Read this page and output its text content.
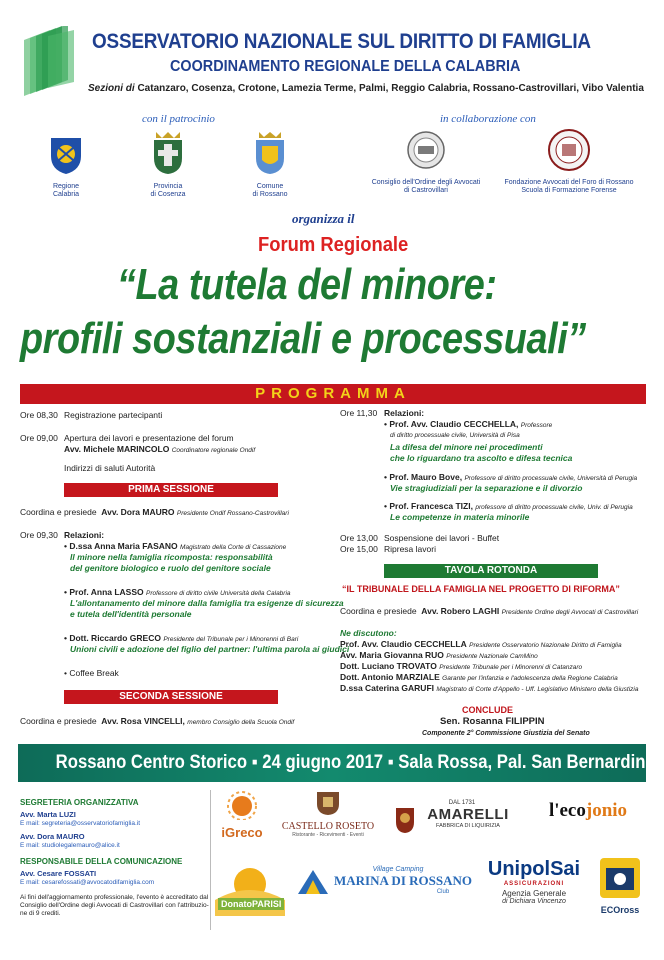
OSSERVATORIO NAZIONALE SUL DIRITTO DI FAMIGLIA
COORDINAMENTO REGIONALE DELLA CALABRIA
Sezioni di Catanzaro, Cosenza, Crotone, Lamezia Terme, Palmi, Reggio Calabria, Rossano-Castrovillari, Vibo Valentia
con il patrocinio	in collaborazione con
Regione
Calabria
Provincia
di Cosenza
Comune
di Rossano
Consiglio dell'Ordine degli Avvocati
di Castrovillari
Fondazione Avvocati del Foro di Rossano
Scuola di Formazione Forense
organizza il
Forum Regionale
“La tutela del minore:
profili sostanziali e processuali”
PROGRAMMA
Ore 08,30 Registrazione partecipanti
Ore 09,00 Apertura dei lavori e presentazione del forum
Avv. Michele MARINCOLO Coordinatore regionale Ondif
Indirizzi di saluti Autorità
PRIMA SESSIONE
Coordina e presiede Avv. Dora MAURO Presidente Ondif Rossano-Castrovillari
Ore 09,30 Relazioni:
• D.ssa Anna Maria FASANO Magistrato della Corte di Cassazione
Il minore nella famiglia ricomposta: responsabilità
del genitore biologico e ruolo del genitore sociale
• Prof. Anna LASSO Professore di diritto civile Università della Calabria
L'allontanamento del minore dalla famiglia tra esigenze di sicurezza
e tutela dell'identità personale
• Dott. Riccardo GRECO Presidente del Tribunale per i Minorenni di Bari
Unioni civili e adozione del figlio del partner: l'ultima parola ai giudici
• Coffee Break
SECONDA SESSIONE
Coordina e presiede Avv. Rosa VINCELLI, membro Consiglio della Scuola Ondif
Ore 11,30 Relazioni:
• Prof. Avv. Claudio CECCHELLA, Professore
di diritto processuale civile, Università di Pisa
La difesa del minore nei procedimenti
che lo riguardano tra ascolto e difesa tecnica
• Prof. Mauro Bove, Professore di diritto processuale civile, Università di Perugia
Vie stragiudiziali per la separazione e il divorzio
• Prof. Francesca TIZI, professore di diritto processuale civile, Univ. di Perugia
Le competenze in materia minorile
Ore 13,00 Sospensione dei lavori - Buffet
Ore 15,00 Ripresa lavori
TAVOLA ROTONDA
“IL TRIBUNALE DELLA FAMIGLIA NEL PROGETTO DI RIFORMA”
Coordina e presiede Avv. Robero LAGHI Presidente Ordine degli Avvocati di Castrovillari
Ne discutono:
Prof. Avv. Claudio CECCHELLA Presidente Osservatorio Nazionale Diritto di Famiglia
Avv. Maria Giovanna RUO Presidente Nazionale CamMino
Dott. Luciano TROVATO Presidente Tribunale per i Minorenni di Catanzaro
Dott. Antonio MARZIALE Garante per l'infanzia e l'adolescenza della Regione Calabria
D.ssa Caterina GARUFI Magistrato di Corte d'Appello - Uff. Legislativo Ministero della Giustizia
CONCLUDE
Sen. Rosanna FILIPPIN
Componente 2° Commissione Giustizia del Senato
Rossano Centro Storico ▪ 24 giugno 2017 ▪ Sala Rossa, Pal. San Bernardino
SEGRETERIA ORGANIZZATIVA
Avv. Marta LUZI
E mail: segreteria@osservatoriofamiglia.it
Avv. Dora MAURO
E mail: studiolegalemauro@alice.it
RESPONSABILE DELLA COMUNICAZIONE
Avv. Cesare FOSSATI
E mail: cesarefossati@avvocatodifamiglia.com
Ai fini dell'aggiornamento professionale, l'evento è accreditato dal
Consiglio dell'Ordine degli Avvocati di Castrovillari con l'attribuzio-
ne di 9 crediti.
iGreco	CASTELLO ROSETO
Ristorante - Ricevimenti - Eventi
DAL 1731
AMARELLI
FABBRICA DI LIQUIRIZIA
l'ecojonio
DonatoPARISI
Village Camping
MARINA DI ROSSANO
Club
UnipolSai
ASSICURAZIONI
Agenzia Generale
di Dichiara Vincenzo
ECOross
